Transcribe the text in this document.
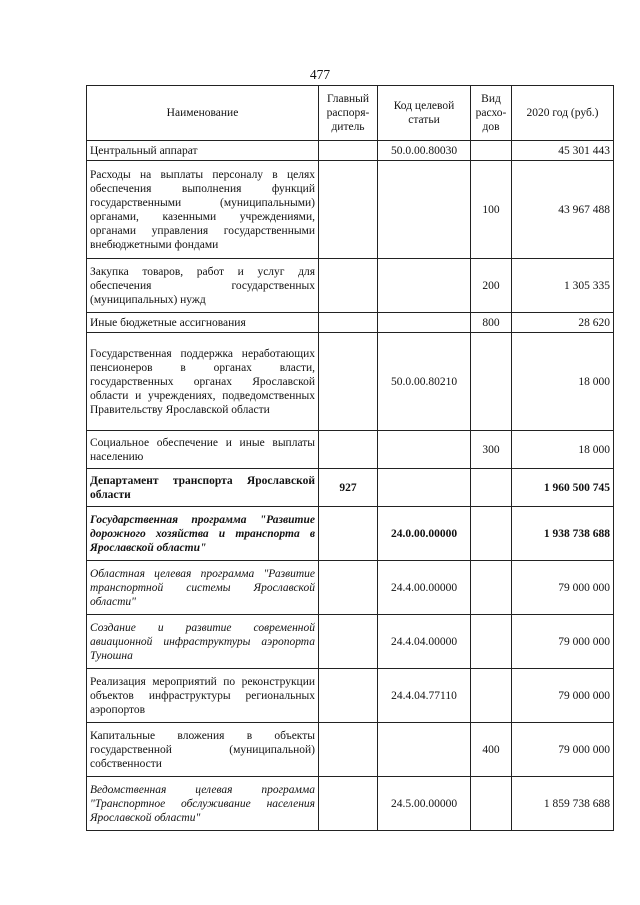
477
Наименование	Главный распоря-дитель	Код целевой статьи	Вид расхо-дов	2020 год (руб.)
Центральный аппарат		50.0.00.80030		45 301 443
Расходы на выплаты персоналу в целях обеспечения выполнения функций государственными (муниципальными) органами, казенными учреждениями, органами управления государственными внебюджетными фондами			100	43 967 488
Закупка товаров, работ и услуг для обеспечения государственных (муниципальных) нужд			200	1 305 335
Иные бюджетные ассигнования			800	28 620
Государственная поддержка неработающих пенсионеров в органах власти, государственных органах Ярославской области и учреждениях, подведомственных Правительству Ярославской области		50.0.00.80210		18 000
Социальное обеспечение и иные выплаты населению			300	18 000
Департамент транспорта Ярославской области	927			1 960 500 745
Государственная программа "Развитие дорожного хозяйства и транспорта в Ярославской области"		24.0.00.00000		1 938 738 688
Областная целевая программа "Развитие транспортной системы Ярославской области"		24.4.00.00000		79 000 000
Создание и развитие современной авиационной инфраструктуры аэропорта Туношна		24.4.04.00000		79 000 000
Реализация мероприятий по реконструкции объектов инфраструктуры региональных аэропортов		24.4.04.77110		79 000 000
Капитальные вложения в объекты государственной (муниципальной) собственности			400	79 000 000
Ведомственная целевая программа "Транспортное обслуживание населения Ярославской области"		24.5.00.00000		1 859 738 688
